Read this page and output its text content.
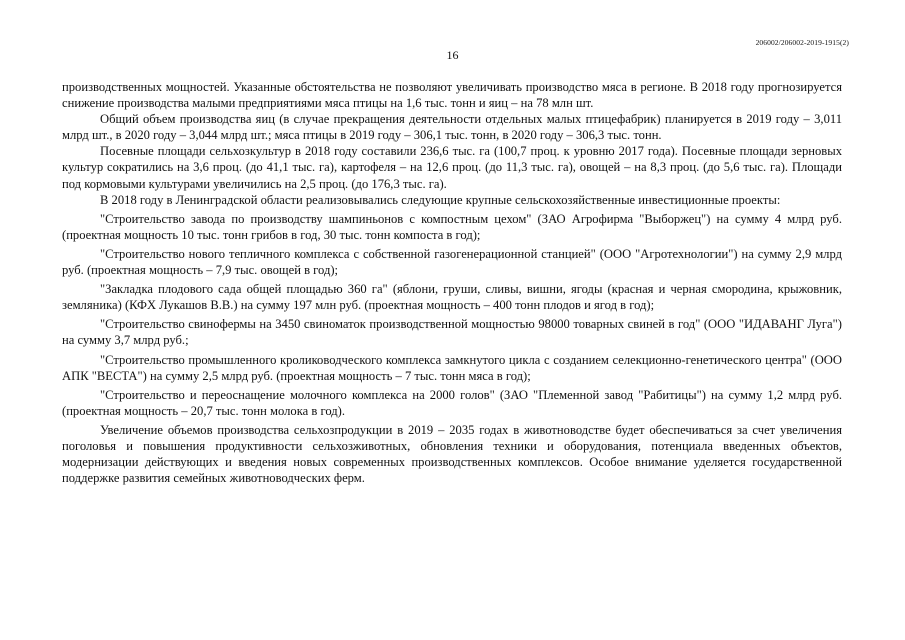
206002/206002-2019-1915(2)
16

производственных мощностей. Указанные обстоятельства не позволяют увеличивать производство мяса в регионе. В 2018 году прогнозируется снижение производства малыми предприятиями мяса птицы на 1,6 тыс. тонн и яиц – на 78 млн шт.

Общий объем производства яиц (в случае прекращения деятельности отдельных малых птицефабрик) планируется в 2019 году – 3,011 млрд шт., в 2020 году – 3,044 млрд шт.; мяса птицы в 2019 году – 306,1 тыс. тонн, в 2020 году – 306,3 тыс. тонн.

Посевные площади сельхозкультур в 2018 году составили 236,6 тыс. га (100,7 проц. к уровню 2017 года). Посевные площади зерновых культур сократились на 3,6 проц. (до 41,1 тыс. га), картофеля – на 12,6 проц. (до 11,3 тыс. га), овощей – на 8,3 проц. (до 5,6 тыс. га). Площади под кормовыми культурами увеличились на 2,5 проц. (до 176,3 тыс. га).

В 2018 году в Ленинградской области реализовывались следующие крупные сельскохозяйственные инвестиционные проекты:

"Строительство завода по производству шампиньонов с компостным цехом" (ЗАО Агрофирма "Выборжец") на сумму 4 млрд руб. (проектная мощность 10 тыс. тонн грибов в год, 30 тыс. тонн компоста в год);

"Строительство нового тепличного комплекса с собственной газогенерационной станцией" (ООО "Агротехнологии") на сумму 2,9 млрд руб. (проектная мощность – 7,9 тыс. овощей в год);

"Закладка плодового сада общей площадью 360 га" (яблони, груши, сливы, вишни, ягоды (красная и черная смородина, крыжовник, земляника) (КФХ Лукашов В.В.) на сумму 197 млн руб. (проектная мощность – 400 тонн плодов и ягод в год);

"Строительство свинофермы на 3450 свиноматок производственной мощностью 98000 товарных свиней в год" (ООО "ИДАВАНГ Луга") на сумму 3,7 млрд руб.;

"Строительство промышленного кролиководческого комплекса замкнутого цикла с созданием селекционно-генетического центра" (ООО АПК "ВЕСТА") на сумму 2,5 млрд руб. (проектная мощность – 7 тыс. тонн мяса в год);

"Строительство и переоснащение молочного комплекса на 2000 голов" (ЗАО "Племенной завод "Рабитицы") на сумму 1,2 млрд руб. (проектная мощность – 20,7 тыс. тонн молока в год).

Увеличение объемов производства сельхозпродукции в 2019 – 2035 годах в животноводстве будет обеспечиваться за счет увеличения поголовья и повышения продуктивности сельхозживотных, обновления техники и оборудования, потенциала введенных объектов, модернизации действующих и введения новых современных производственных комплексов. Особое внимание уделяется государственной поддержке развития семейных животноводческих ферм.
